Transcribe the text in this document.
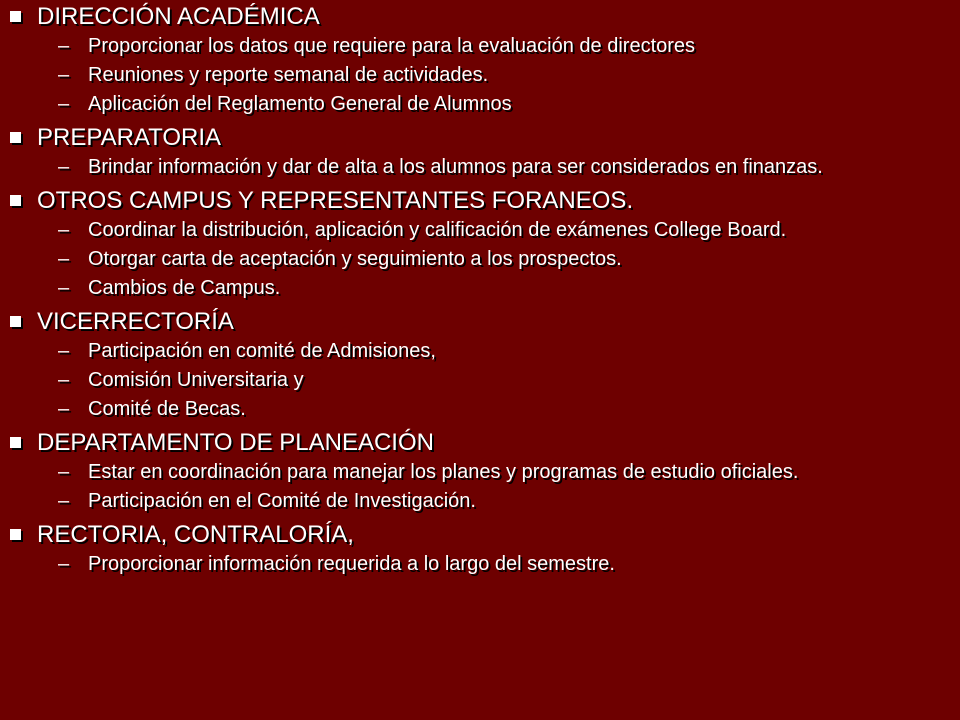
DIRECCIÓN ACADÉMICA
– Proporcionar los datos que requiere para la evaluación de directores
– Reuniones y reporte semanal de actividades.
– Aplicación del Reglamento General de Alumnos
PREPARATORIA
– Brindar información y dar de alta a los alumnos para ser considerados en finanzas.
OTROS CAMPUS Y REPRESENTANTES FORANEOS.
– Coordinar la distribución, aplicación y calificación de exámenes College Board.
– Otorgar carta de aceptación y seguimiento a los prospectos.
– Cambios de Campus.
VICERRECTORÍA
– Participación en comité de Admisiones,
– Comisión Universitaria y
– Comité de Becas.
DEPARTAMENTO DE PLANEACIÓN
– Estar en coordinación para manejar los planes y programas de estudio oficiales.
– Participación en el Comité de Investigación.
RECTORIA, CONTRALORÍA,
– Proporcionar información requerida a lo largo del semestre.
